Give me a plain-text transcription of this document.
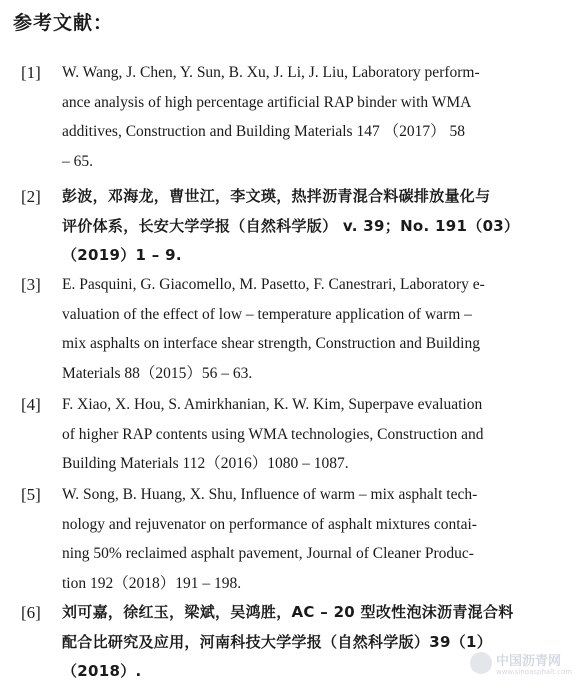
参考文献：
[1] W. Wang, J. Chen, Y. Sun, B. Xu, J. Li, J. Liu, Laboratory perform-
ance analysis of high percentage artificial RAP binder with WMA
additives, Construction and Building Materials 147 （2017） 58
– 65.
[2] 彭波，邓海龙，曹世江，李文瑛，热拌沥青混合料碳排放量化与
评价体系，长安大学学报（自然科学版） v. 39；No. 191（03）
（2019）1 – 9.
[3] E. Pasquini, G. Giacomello, M. Pasetto, F. Canestrari, Laboratory e-
valuation of the effect of low – temperature application of warm –
mix asphalts on interface shear strength, Construction and Building
Materials 88（2015）56 – 63.
[4] F. Xiao, X. Hou, S. Amirkhanian, K. W. Kim, Superpave evaluation
of higher RAP contents using WMA technologies, Construction and
Building Materials 112（2016）1080 – 1087.
[5] W. Song, B. Huang, X. Shu, Influence of warm – mix asphalt tech-
nology and rejuvenator on performance of asphalt mixtures contai-
ning 50% reclaimed asphalt pavement, Journal of Cleaner Produc-
tion 192（2018）191 – 198.
[6] 刘可嘉，徐红玉，梁斌，吴鸿胜，AC – 20 型改性泡沫沥青混合料
配合比研究及应用，河南科技大学学报（自然科学版）39（1）
（2018）.
中国沥青网
www.sinoasphalt.com
